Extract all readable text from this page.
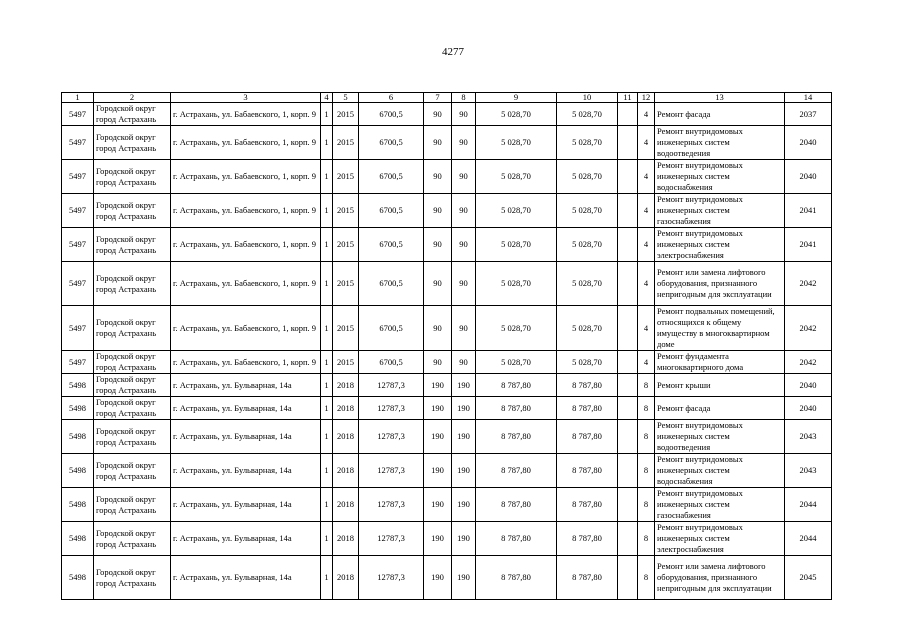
4277
1	2	3	4	5	6	7	8	9	10	11	12	13	14
5497	Городской округ город Астрахань	г. Астрахань, ул. Бабаевского, 1, корп. 9	1	2015	6700,5	90	90	5 028,70	5 028,70		4	Ремонт фасада	2037
5497	Городской округ город Астрахань	г. Астрахань, ул. Бабаевского, 1, корп. 9	1	2015	6700,5	90	90	5 028,70	5 028,70		4	Ремонт внутридомовых инженерных систем водоотведения	2040
5497	Городской округ город Астрахань	г. Астрахань, ул. Бабаевского, 1, корп. 9	1	2015	6700,5	90	90	5 028,70	5 028,70		4	Ремонт внутридомовых инженерных систем водоснабжения	2040
5497	Городской округ город Астрахань	г. Астрахань, ул. Бабаевского, 1, корп. 9	1	2015	6700,5	90	90	5 028,70	5 028,70		4	Ремонт внутридомовых инженерных систем газоснабжения	2041
5497	Городской округ город Астрахань	г. Астрахань, ул. Бабаевского, 1, корп. 9	1	2015	6700,5	90	90	5 028,70	5 028,70		4	Ремонт внутридомовых инженерных систем электроснабжения	2041
5497	Городской округ город Астрахань	г. Астрахань, ул. Бабаевского, 1, корп. 9	1	2015	6700,5	90	90	5 028,70	5 028,70		4	Ремонт или замена лифтового оборудования, признанного непригодным для эксплуатации	2042
5497	Городской округ город Астрахань	г. Астрахань, ул. Бабаевского, 1, корп. 9	1	2015	6700,5	90	90	5 028,70	5 028,70		4	Ремонт подвальных помещений, относящихся к общему имуществу в многоквартирном доме	2042
5497	Городской округ город Астрахань	г. Астрахань, ул. Бабаевского, 1, корп. 9	1	2015	6700,5	90	90	5 028,70	5 028,70		4	Ремонт фундамента многоквартирного дома	2042
5498	Городской округ город Астрахань	г. Астрахань, ул. Бульварная, 14а	1	2018	12787,3	190	190	8 787,80	8 787,80		8	Ремонт крыши	2040
5498	Городской округ город Астрахань	г. Астрахань, ул. Бульварная, 14а	1	2018	12787,3	190	190	8 787,80	8 787,80		8	Ремонт фасада	2040
5498	Городской округ город Астрахань	г. Астрахань, ул. Бульварная, 14а	1	2018	12787,3	190	190	8 787,80	8 787,80		8	Ремонт внутридомовых инженерных систем водоотведения	2043
5498	Городской округ город Астрахань	г. Астрахань, ул. Бульварная, 14а	1	2018	12787,3	190	190	8 787,80	8 787,80		8	Ремонт внутридомовых инженерных систем водоснабжения	2043
5498	Городской округ город Астрахань	г. Астрахань, ул. Бульварная, 14а	1	2018	12787,3	190	190	8 787,80	8 787,80		8	Ремонт внутридомовых инженерных систем газоснабжения	2044
5498	Городской округ город Астрахань	г. Астрахань, ул. Бульварная, 14а	1	2018	12787,3	190	190	8 787,80	8 787,80		8	Ремонт внутридомовых инженерных систем электроснабжения	2044
5498	Городской округ город Астрахань	г. Астрахань, ул. Бульварная, 14а	1	2018	12787,3	190	190	8 787,80	8 787,80		8	Ремонт или замена лифтового оборудования, признанного непригодным для эксплуатации	2045
